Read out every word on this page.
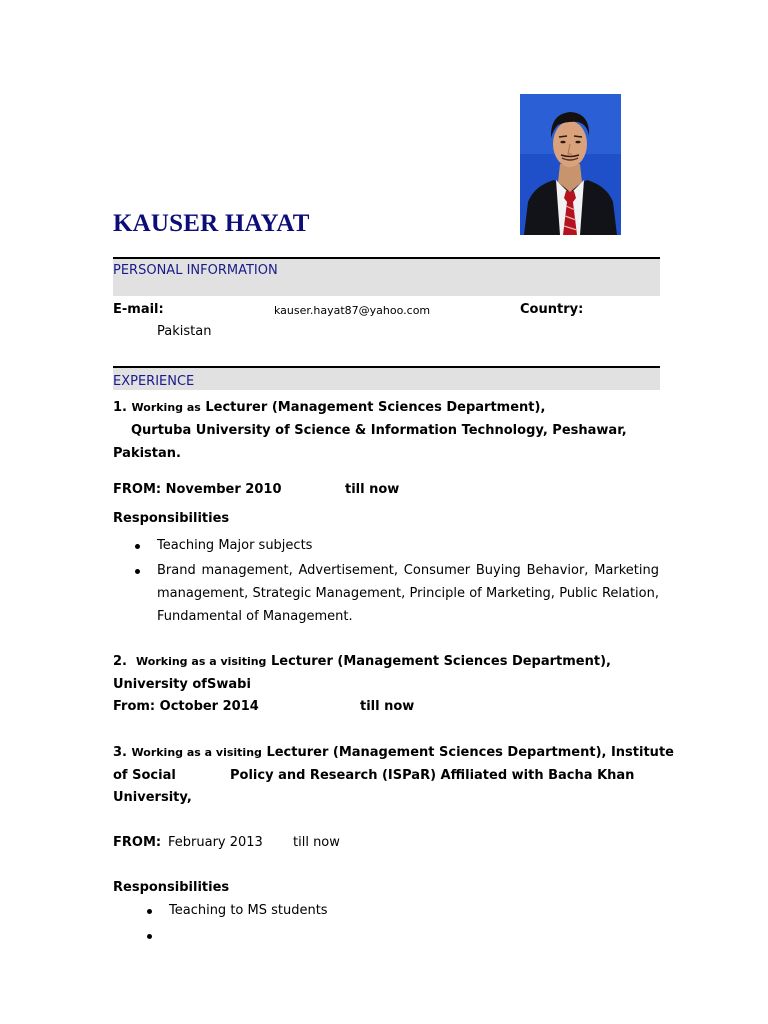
KAUSER HAYAT
PERSONAL INFORMATION
E-mail:	kauser.hayat87@yahoo.com	Country:
Pakistan
EXPERIENCE
1. Working as Lecturer (Management Sciences Department),
Qurtuba University of Science & Information Technology, Peshawar,
Pakistan.
FROM: November 2010	till now
Responsibilities
Teaching Major subjects
Brand management, Advertisement, Consumer Buying Behavior, Marketing management, Strategic Management, Principle of Marketing, Public Relation, Fundamental of Management.
2. Working as a visiting Lecturer (Management Sciences Department),
University of Swabi
From: October 2014	till now
3. Working as a visiting Lecturer (Management Sciences Department), Institute
of Social	Policy and Research (ISPaR) Affiliated with Bacha Khan
University,
FROM: February 2013 till now
Responsibilities
Teaching to MS students
